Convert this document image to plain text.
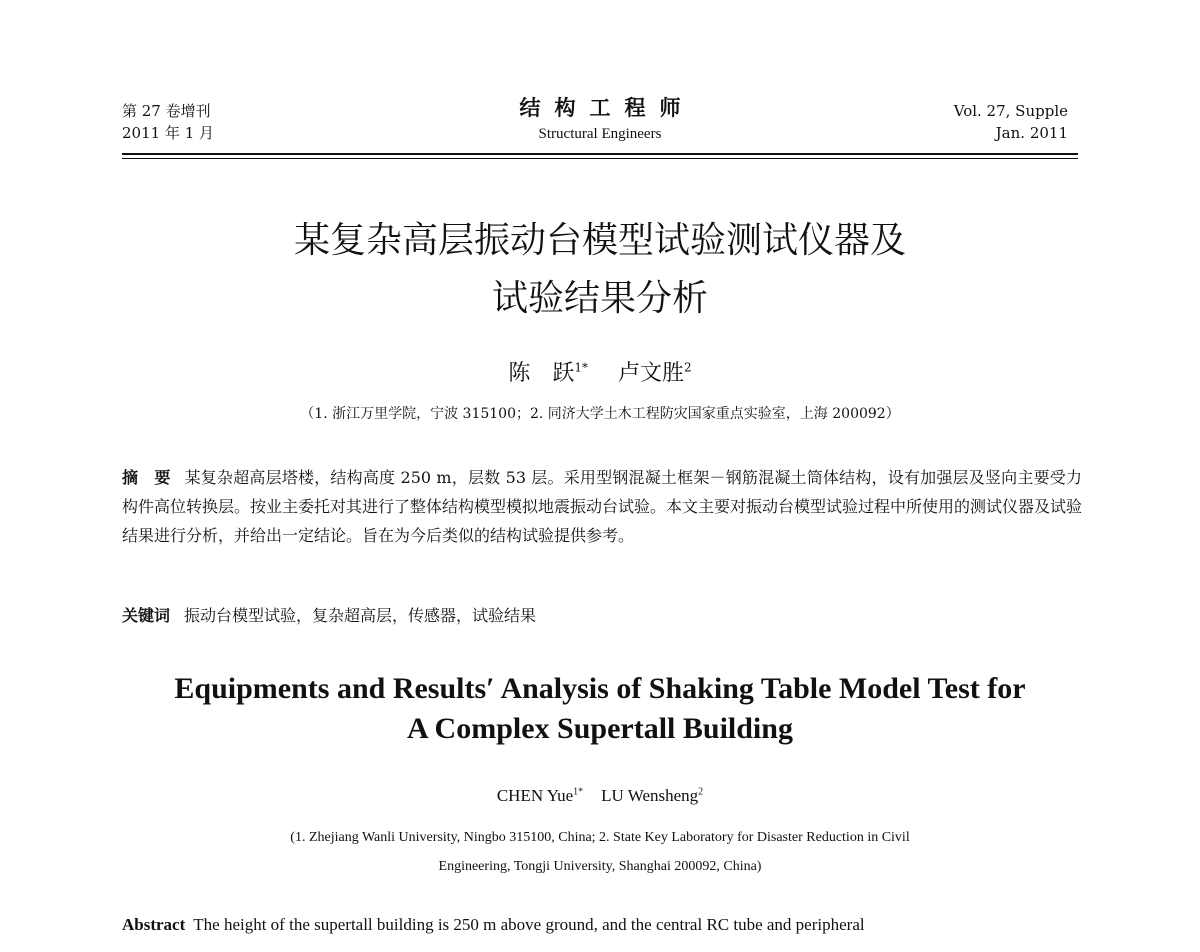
第 27 卷增刊
2011 年 1 月
结构工程师
Structural Engineers
Vol. 27, Supple
Jan. 2011
某复杂高层振动台模型试验测试仪器及
试验结果分析
陈　跃$^{1*}$ 卢文胜$^2$
（1. 浙江万里学院，宁波 315100；2. 同济大学土木工程防灾国家重点实验室，上海 200092）
摘　要 某复杂超高层塔楼，结构高度 250 m，层数 53 层。采用型钢混凝土框架－钢筋混凝土筒体结构，设有加强层及竖向主要受力构件高位转换层。按业主委托对其进行了整体结构模型模拟地震振动台试验。本文主要对振动台模型试验过程中所使用的测试仪器及试验结果进行分析，并给出一定结论。旨在为今后类似的结构试验提供参考。
关键词 振动台模型试验，复杂超高层，传感器，试验结果
Equipments and Results′ Analysis of Shaking Table Model Test for
A Complex Supertall Building
CHEN Yue$^{1*}$ LU Wensheng$^2$
(1. Zhejiang Wanli University, Ningbo 315100, China; 2. State Key Laboratory for Disaster Reduction in Civil
Engineering, Tongji University, Shanghai 200092, China)
Abstract The height of the supertall building is 250 m above ground, and the central RC tube and peripheral
